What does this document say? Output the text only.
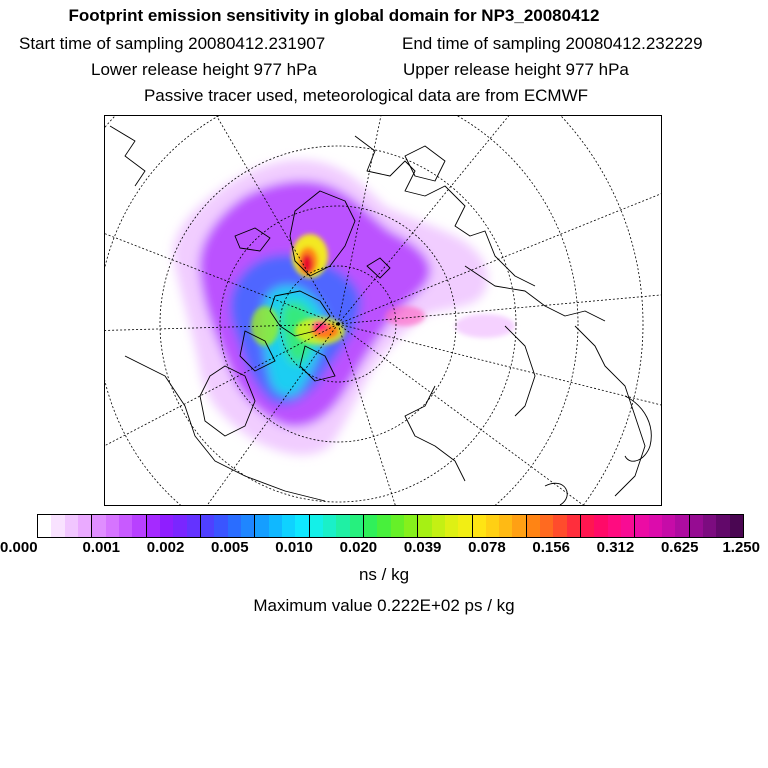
Footprint emission sensitivity in global domain for NP3_20080412
Start time of sampling 20080412.231907	End time of sampling 20080412.232229
Lower release height 977 hPa	Upper release height 977 hPa
Passive tracer used, meteorological data are from ECMWF
0.000	0.001 0.002 0.005 0.010 0.020 0.039 0.078 0.156 0.312 0.625 1.250
ns / kg
Maximum value 0.222E+02 ps / kg
